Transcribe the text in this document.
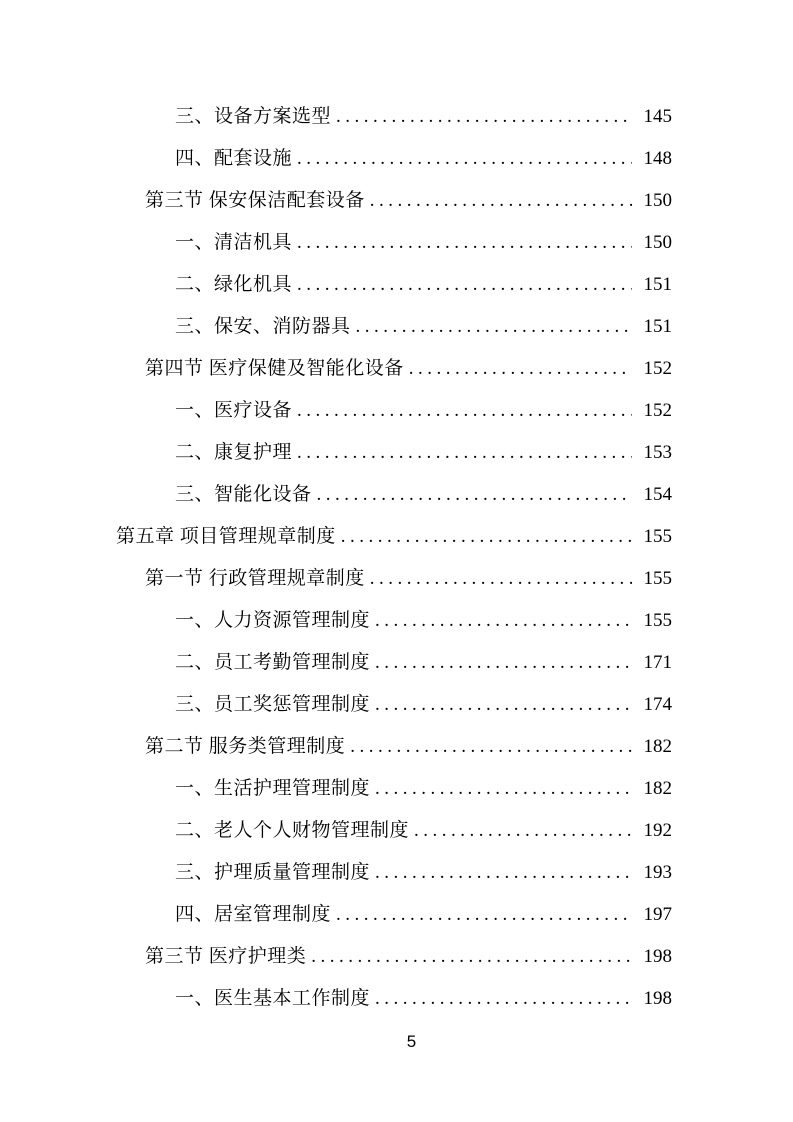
三、设备方案选型 .....	145
四、配套设施 .....	148
第三节 保安保洁配套设备 .....	150
一、清洁机具 .....	150
二、绿化机具 .....	151
三、保安、消防器具 .....	151
第四节 医疗保健及智能化设备 .....	152
一、医疗设备 .....	152
二、康复护理 .....	153
三、智能化设备 .....	154
第五章 项目管理规章制度 .....	155
第一节 行政管理规章制度 .....	155
一、人力资源管理制度 .....	155
二、员工考勤管理制度 .....	171
三、员工奖惩管理制度 .....	174
第二节 服务类管理制度 .....	182
一、生活护理管理制度 .....	182
二、老人个人财物管理制度 .....	192
三、护理质量管理制度 .....	193
四、居室管理制度 .....	197
第三节 医疗护理类 .....	198
一、医生基本工作制度 .....	198
5
